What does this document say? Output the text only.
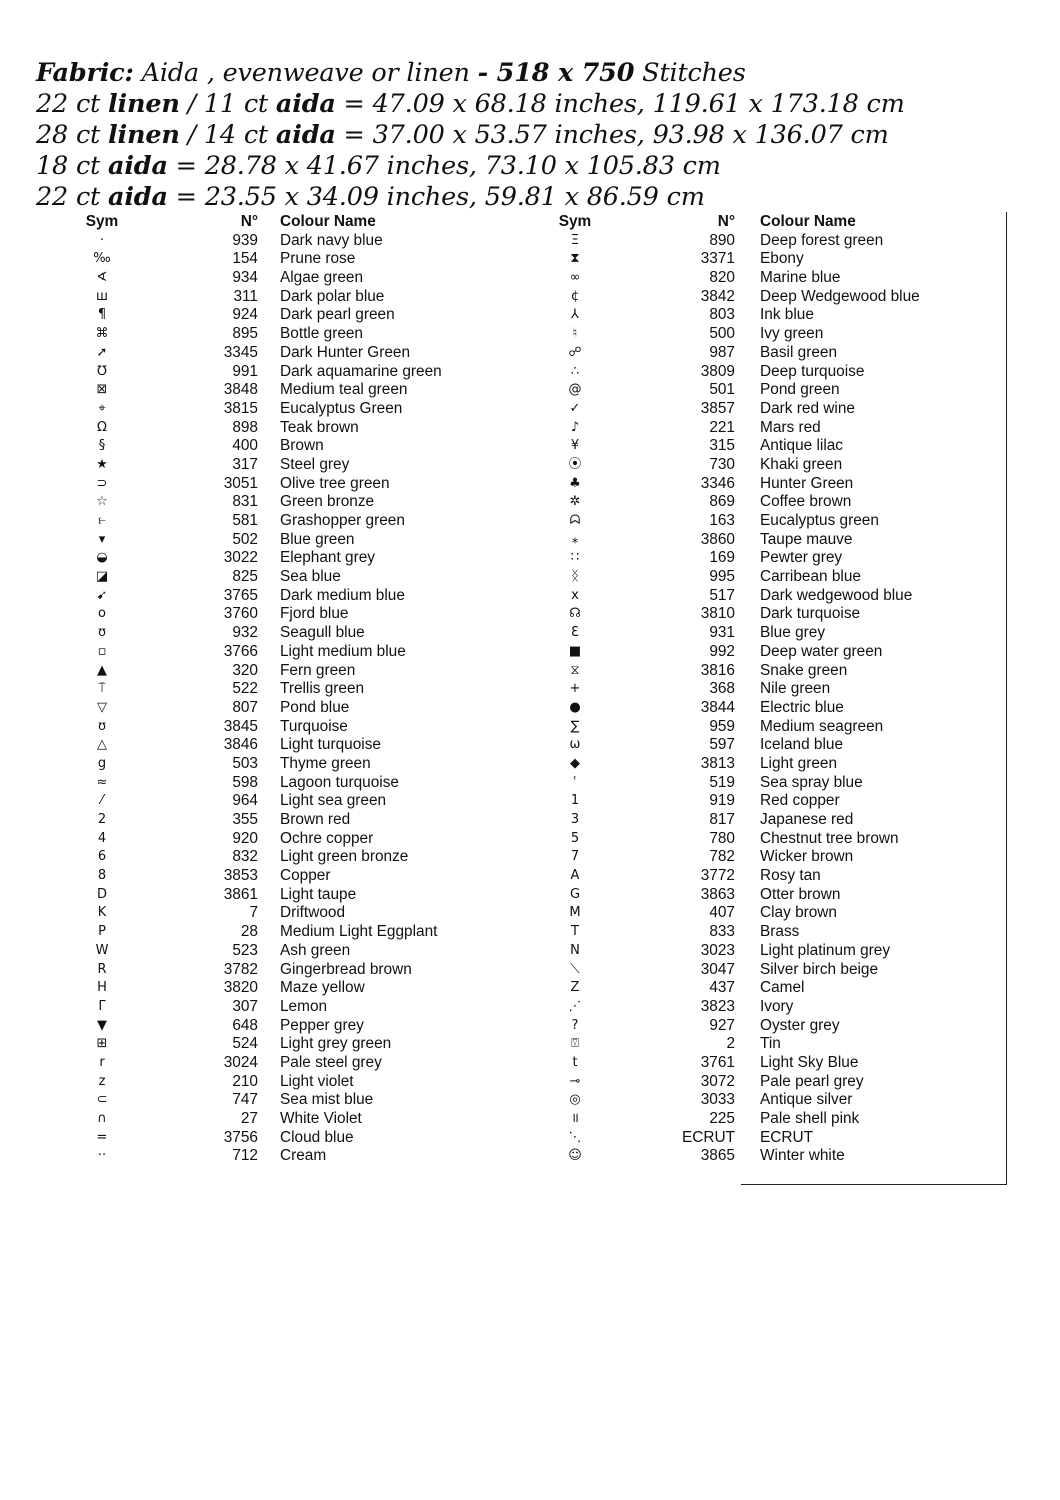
Fabric: Aida , evenweave or linen - 518 x 750 Stitches
22 ct linen / 11 ct aida = 47.09 x 68.18 inches, 119.61 x 173.18 cm
28 ct linen / 14 ct aida = 37.00 x 53.57 inches, 93.98 x 136.07 cm
18 ct aida = 28.78 x 41.67 inches, 73.10 x 105.83 cm
22 ct aida = 23.55 x 34.09 inches, 59.81 x 86.59 cm
Sym	N° Colour Name
·	939 Dark navy blue
‰	154 Prune rose
∢	934 Algae green
ш	311 Dark polar blue
¶	924 Dark pearl green
⌘	895 Bottle green
➚	3345 Dark Hunter Green
℧	991 Dark aquamarine green
⊠	3848 Medium teal green
⌖	3815 Eucalyptus Green
Ω	898 Teak brown
§	400 Brown
★	317 Steel grey
⊃	3051 Olive tree green
☆	831 Green bronze
⥼	581 Grashopper green
▾	502 Blue green
◒	3022 Elephant grey
◪	825 Sea blue
➹	3765 Dark medium blue
o	3760 Fjord blue
ʊ	932 Seagull blue
▫	3766 Light medium blue
▲	320 Fern green
⍑	522 Trellis green
▽	807 Pond blue
ʊ	3845 Turquoise
△	3846 Light turquoise
g	503 Thyme green
≈	598 Lagoon turquoise
⁄	964 Light sea green
2	355 Brown red
4	920 Ochre copper
6	832 Light green bronze
8	3853 Copper
D	3861 Light taupe
K	7 Driftwood
P	28 Medium Light Eggplant
W	523 Ash green
R	3782 Gingerbread brown
H	3820 Maze yellow
Γ	307 Lemon
▼	648 Pepper grey
⊞	524 Light grey green
r	3024 Pale steel grey
z	210 Light violet
⊂	747 Sea mist blue
∩	27 White Violet
=	3756 Cloud blue
··	712 Cream
Sym	N° Colour Name
Ξ	890 Deep forest green
⧗	3371 Ebony
∞	820 Marine blue
¢	3842 Deep Wedgewood blue
⅄	803 Ink blue
♮	500 Ivy green
☍	987 Basil green
∴	3809 Deep turquoise
@	501 Pond green
✓	3857 Dark red wine
♪	221 Mars red
¥	315 Antique lilac
⦿	730 Khaki green
♣	3346 Hunter Green
✲	869 Coffee brown
ᗣ	163 Eucalyptus green
⁎	3860 Taupe mauve
∷	169 Pewter grey
ᛝ	995 Carribean blue
x	517 Dark wedgewood blue
☊	3810 Dark turquoise
Ɛ	931 Blue grey
■	992 Deep water green
⧖	3816 Snake green
+	368 Nile green
●	3844 Electric blue
∑	959 Medium seagreen
ω	597 Iceland blue
◆	3813 Light green
ʿ	519 Sea spray blue
1	919 Red copper
3	817 Japanese red
5	780 Chestnut tree brown
7	782 Wicker brown
A	3772 Rosy tan
G	3863 Otter brown
M	407 Clay brown
T	833 Brass
N	3023 Light platinum grey
⟍	3047 Silver birch beige
Z	437 Camel
⋰	3823 Ivory
?	927 Oyster grey
⍔	2 Tin
t	3761 Light Sky Blue
⊸	3072 Pale pearl grey
◎	3033 Antique silver
॥	225 Pale shell pink
⋱	ECRUT ECRUT
☺	3865 Winter white
